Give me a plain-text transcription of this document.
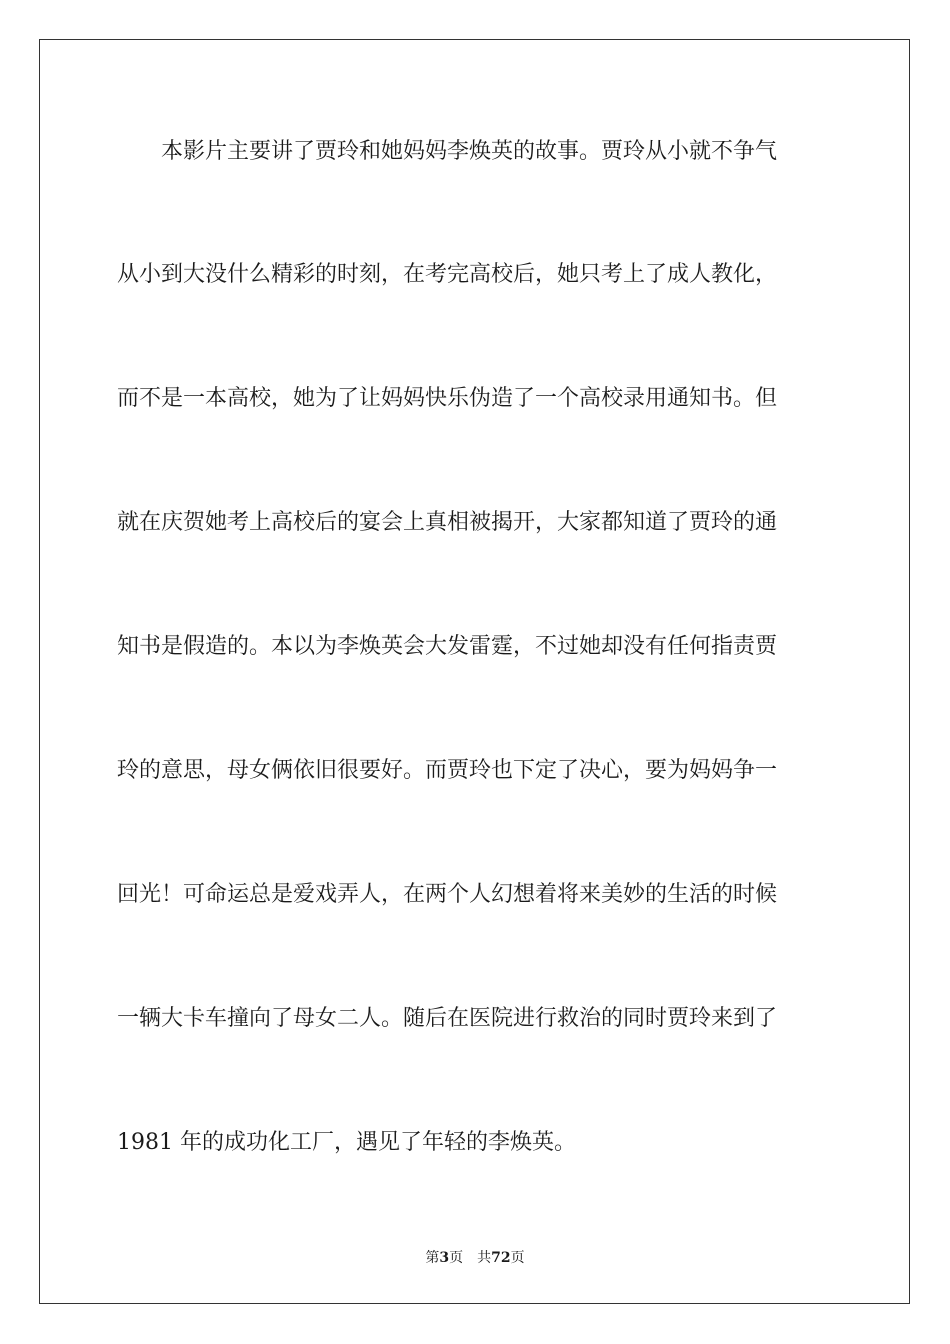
本影片主要讲了贾玲和她妈妈李焕英的故事。贾玲从小就不争气
从小到大没什么精彩的时刻，在考完高校后，她只考上了成人教化，
而不是一本高校，她为了让妈妈快乐伪造了一个高校录用通知书。但
就在庆贺她考上高校后的宴会上真相被揭开，大家都知道了贾玲的通
知书是假造的。本以为李焕英会大发雷霆，不过她却没有任何指责贾
玲的意思，母女俩依旧很要好。而贾玲也下定了决心，要为妈妈争一
回光！可命运总是爱戏弄人，在两个人幻想着将来美妙的生活的时候
一辆大卡车撞向了母女二人。随后在医院进行救治的同时贾玲来到了
1981 年的成功化工厂，遇见了年轻的李焕英。
第3页 共72页
